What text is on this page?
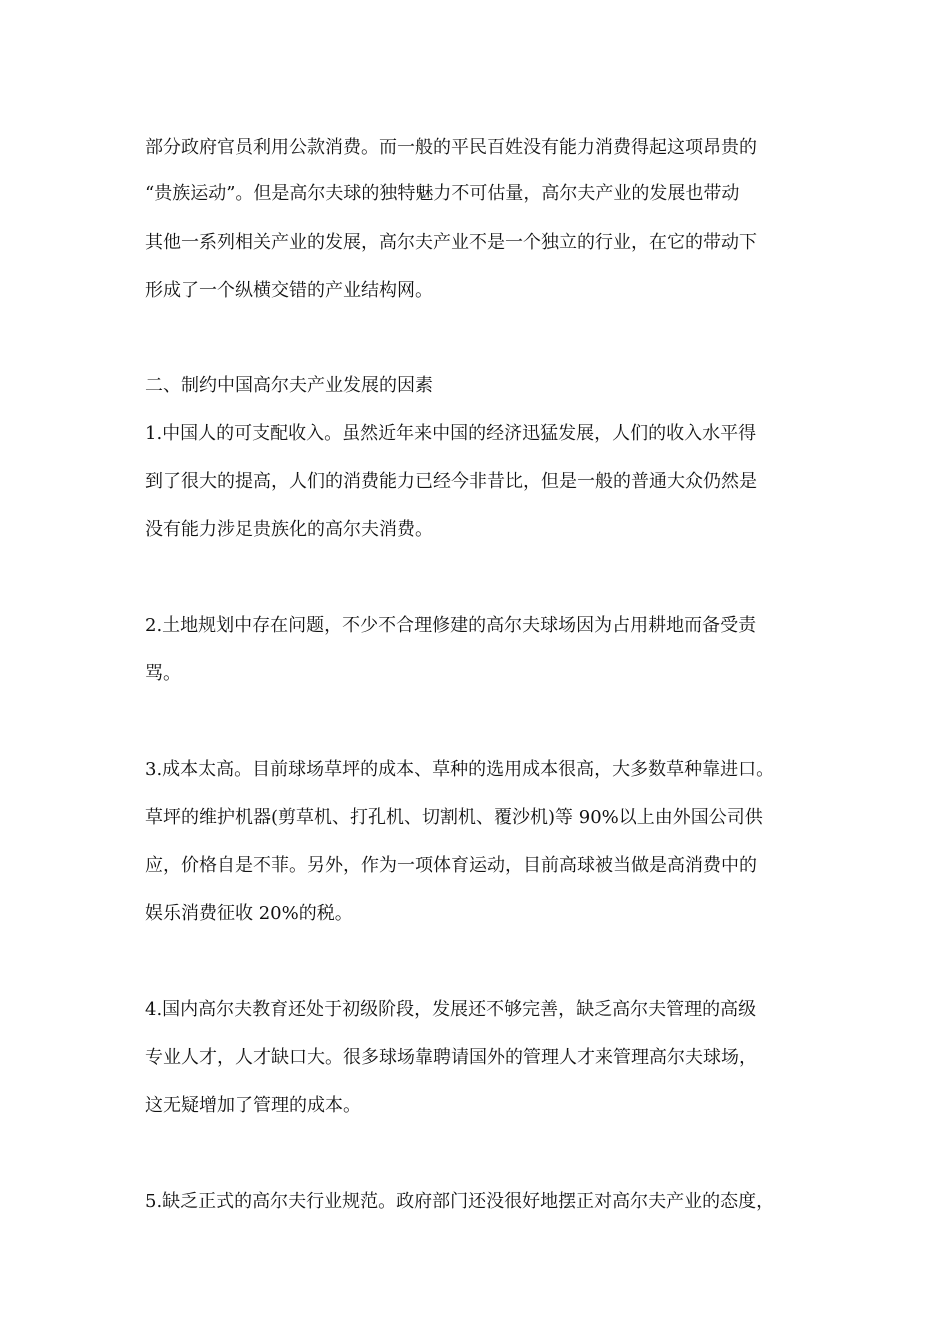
部分政府官员利用公款消费。而一般的平民百姓没有能力消费得起这项昂贵的
“贵族运动”。但是高尔夫球的独特魅力不可估量，高尔夫产业的发展也带动
其他一系列相关产业的发展，高尔夫产业不是一个独立的行业，在它的带动下
形成了一个纵横交错的产业结构网。
二、制约中国高尔夫产业发展的因素
1.中国人的可支配收入。虽然近年来中国的经济迅猛发展，人们的收入水平得
到了很大的提高，人们的消费能力已经今非昔比，但是一般的普通大众仍然是
没有能力涉足贵族化的高尔夫消费。
2.土地规划中存在问题，不少不合理修建的高尔夫球场因为占用耕地而备受责
骂。
3.成本太高。目前球场草坪的成本、草种的选用成本很高，大多数草种靠进口。
草坪的维护机器(剪草机、打孔机、切割机、覆沙机)等 90%以上由外国公司供
应，价格自是不菲。另外，作为一项体育运动，目前高球被当做是高消费中的
娱乐消费征收 20%的税。
4.国内高尔夫教育还处于初级阶段，发展还不够完善，缺乏高尔夫管理的高级
专业人才，人才缺口大。很多球场靠聘请国外的管理人才来管理高尔夫球场，
这无疑增加了管理的成本。
5.缺乏正式的高尔夫行业规范。政府部门还没很好地摆正对高尔夫产业的态度，
